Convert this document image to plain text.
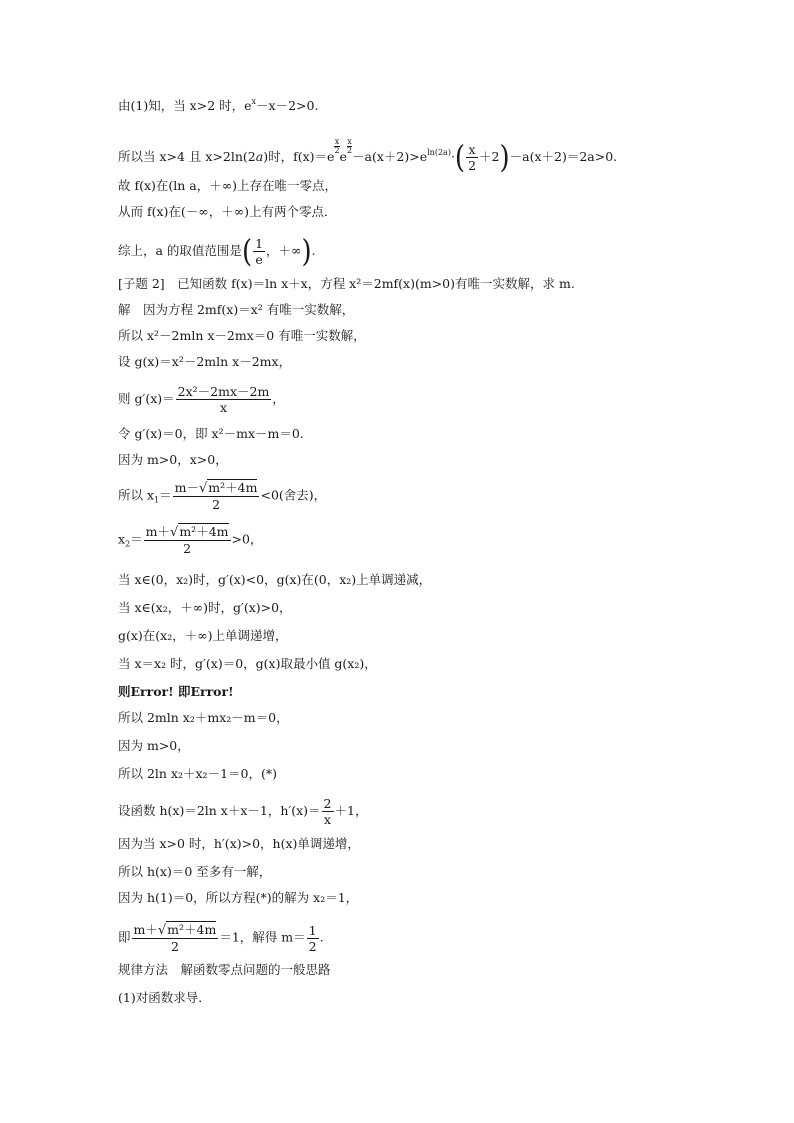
由(1)知，当 x>2 时，$e^x-x-2>0$.
所以当 x>4 且 x>2ln(2a)时，f(x)＝e
$\frac{x}{2}$
e
$\frac{x}{2}$
$-a(x+2)>e^{ln(2a)}\cdot( \frac{x}{2} +2)-a(x+2)=2a>0$.
故 f(x)在(ln a，＋∞)上存在唯一零点，
从而 f(x)在(－∞，＋∞)上有两个零点．
综上，a 的取值范围是( $\frac{1}{e}$ ，＋∞).
[子题 2]　已知函数 f(x)＝ln x＋x，方程 x²＝2mf(x)(m>0)有唯一实数解，求 m.
解　因为方程 2mf(x)＝x² 有唯一实数解，
所以 x²－2mln x－2mx＝0 有唯一实数解，
设 g(x)＝x²－2mln x－2mx，
则 $g'(x)= \frac{\text{2x²－2mx－2m}}{x}$ ，
令 g′(x)＝0，即 x²－mx－m＝0.
因为 m>0，x>0，
所以 $x_1= \frac{\text{m－√m²＋4m}}{2} <0$(舍去)，
$x_2= \frac{\text{m＋√m²＋4m}}{2} >0$，
当 x∈(0，x₂)时，g′(x)<0，g(x)在(0，x₂)上单调递减，
当 x∈(x₂，＋∞)时，g′(x)>0，
g(x)在(x₂，＋∞)上单调递增，
当 x＝x₂ 时，g′(x)＝0，g(x)取最小值 g(x₂)，
则Error! 即Error!
所以 2mln x₂＋mx₂－m＝0，
因为 m>0，
所以 2ln x₂＋x₂－1＝0，(*)
设函数 h(x)＝2ln x＋x－1，$h'(x)= \frac{2}{x} +1$，
因为当 x>0 时，h′(x)>0，h(x)单调递增，
所以 h(x)＝0 至多有一解，
因为 h(1)＝0，所以方程(*)的解为 x₂＝1，
即 $\frac{\text{m＋√m²＋4m}}{2} =1$，解得 $m= \frac{1}{2}$ .
规律方法　解函数零点问题的一般思路
(1)对函数求导．
